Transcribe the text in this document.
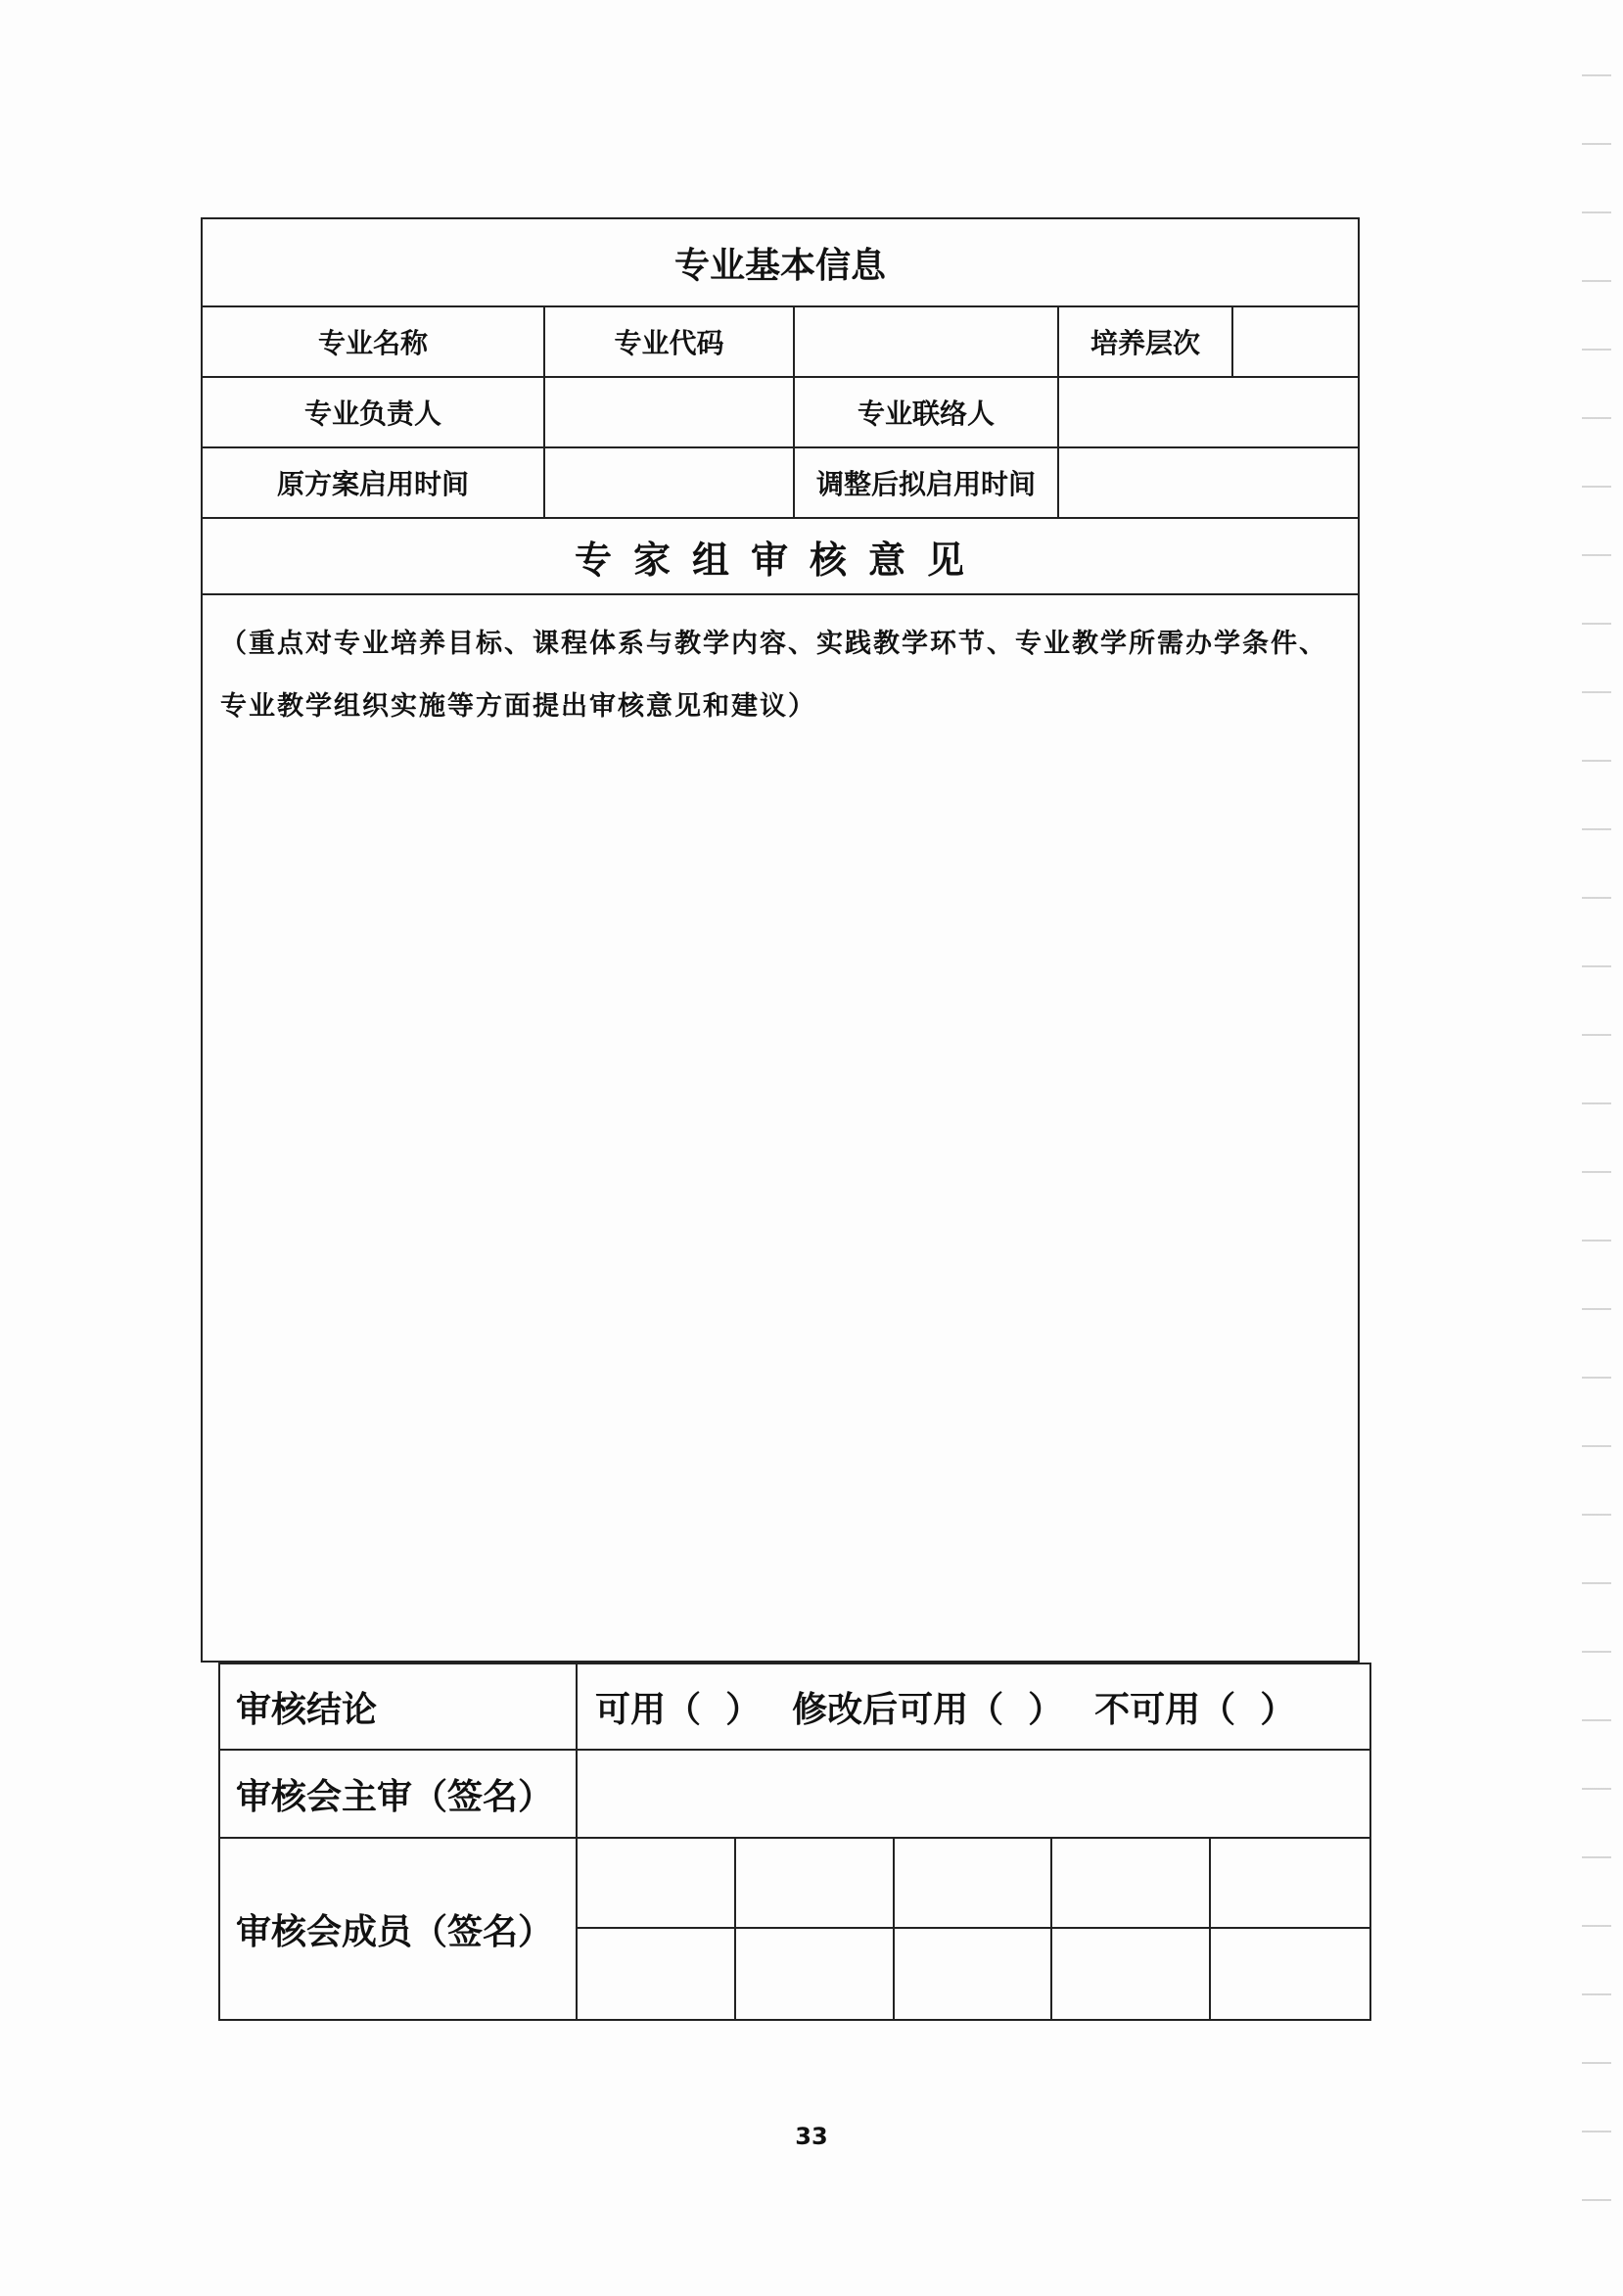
专业基本信息
专业名称	专业代码	培养层次
专业负责人	专业联络人
原方案启用时间	调整后拟启用时间
专家组审核意见
（重点对专业培养目标、课程体系与教学内容、实践教学环节、专业教学所需办学条件、专业教学组织实施等方面提出审核意见和建议）
审核结论	可用（  ） 修改后可用（  ） 不可用（  ）
审核会主审（签名）
审核会成员（签名）
33
